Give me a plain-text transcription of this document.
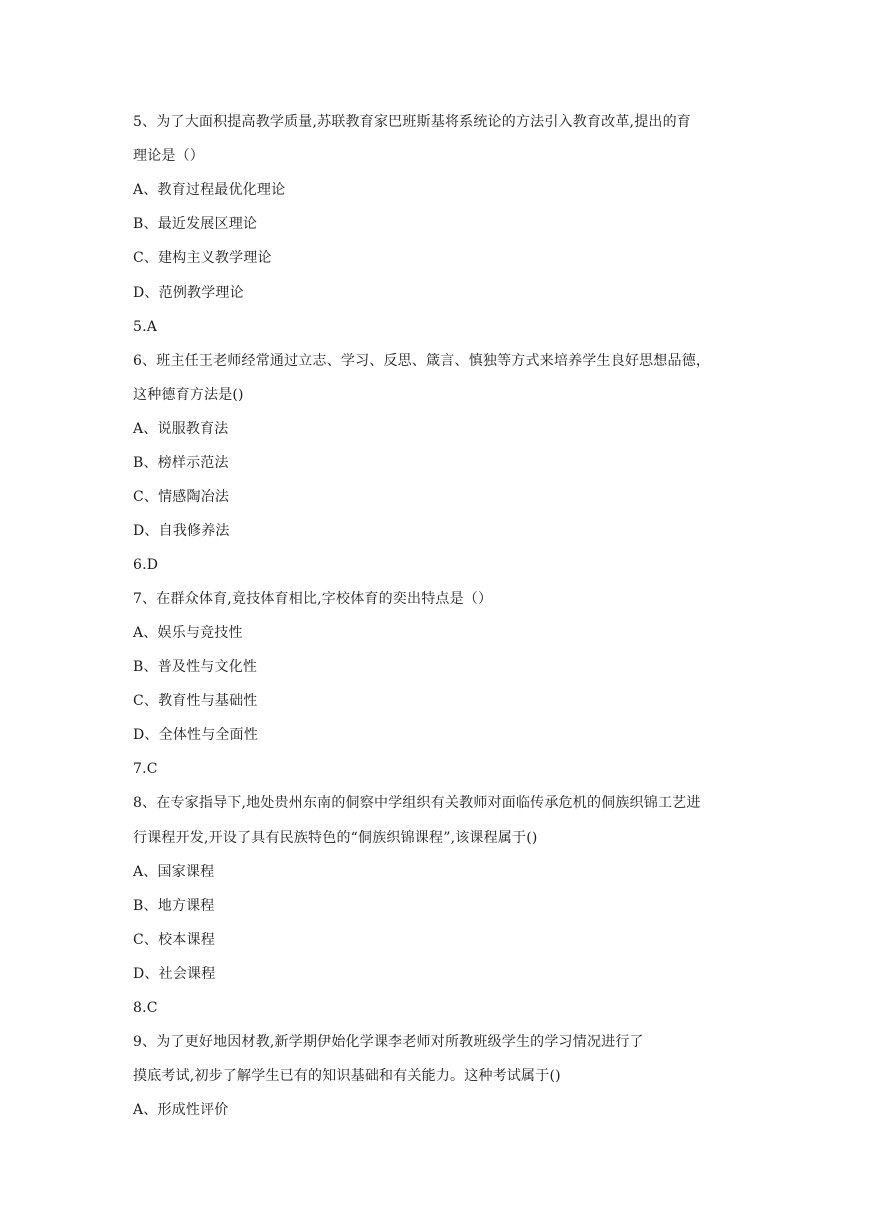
5、为了大面积提高教学质量,苏联教育家巴班斯基将系统论的方法引入教育改革,提出的育
理论是（）
A、教育过程最优化理论
B、最近发展区理论
C、建构主义教学理论
D、范例教学理论
5.A
6、班主任王老师经常通过立志、学习、反思、箴言、慎独等方式来培养学生良好思想品德，
这种德育方法是()
A、说服教育法
B、榜样示范法
C、情感陶冶法
D、自我修养法
6.D
7、在群众体育,竟技体育相比,字校体育的奕出特点是（）
A、娱乐与竞技性
B、普及性与文化性
C、教育性与基础性
D、全体性与全面性
7.C
8、在专家指导下,地处贵州东南的侗察中学组织有关教师对面临传承危机的侗族织锦工艺进
行课程开发,开设了具有民族特色的“侗族织锦课程”,该课程属于()
A、国家课程
B、地方课程
C、校本课程
D、社会课程
8.C
9、为了更好地因材教,新学期伊始化学课李老师对所教班级学生的学习情况进行了
摸底考试,初步了解学生已有的知识基础和有关能力。这种考试属于()
A、形成性评价
